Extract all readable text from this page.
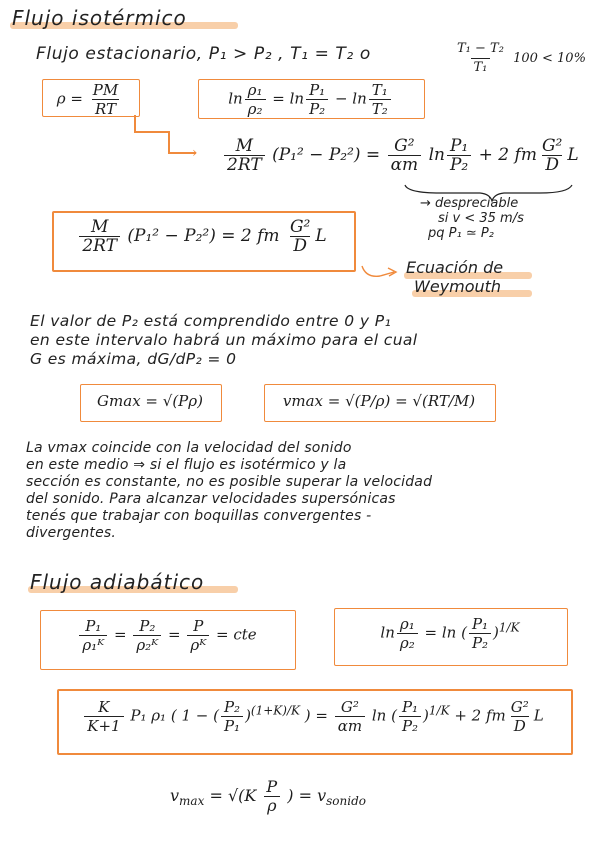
Flujo isotérmico
Flujo estacionario, P₁ > P₂ , T₁ = T₂ o	$\frac{\text{T₁ − T₂}}{\text{T₁}} 100 < 10\%$
$\rho = \frac{PM}{RT}$	$\ln \frac{\text{ρ₁}}{\text{ρ₂}} = \ln \frac{\text{P₁}}{\text{P₂}} - \ln \frac{\text{T₁}}{\text{T₂}}$
› $\frac{M}{2RT} (P_1^2 - P_2^2) = \frac{\text{G²}}{\alpha m}$ $\ln \frac{\text{P₁}}{\text{P₂}} + 2$ fm $\frac{\text{G²}}{D}$ L
→ despreciable
si v < 35 m/s
pq P₁ ≃ P₂
$\frac{M}{2RT} (P_1^2 - P_2^2) = 2$ fm $\frac{\text{G²}}{D}$ L
Ecuación de
Weymouth
El valor de P₂ está comprendido entre 0 y P₁
en este intervalo habrá un máximo para el cual
G es máxima, dG/dP₂ = 0
Gmax = √(Pρ)	vmax = √(P/ρ) = √(RT/M)
La vmax coincide con la velocidad del sonido
en este medio ⇒ si el flujo es isotérmico y la
sección es constante, no es posible superar la velocidad
del sonido. Para alcanzar velocidades supersónicas
tenés que trabajar con boquillas convergentes -
divergentes.
Flujo adiabático
$\frac{\text{P₁}}{\text{ρ₁ᴷ}} = \frac{\text{P₂}}{\text{ρ₂ᴷ}} = \frac{P}{\text{ρᴷ}}$ = cte	$\ln \frac{\text{ρ₁}}{\text{ρ₂}} = \ln$ ( $\frac{\text{P₁}}{\text{P₂}} )^{1/K}$
$\frac{K}{K+1} P_1$ ρ₁ ( 1 − ( $\frac{\text{P₂}}{\text{P₁}} )^{(1+K)/K}$ ) = $\frac{\text{G²}}{\alpha m}$ ln ( $\frac{\text{P₁}}{\text{P₂}} )^{1/K} + 2$ fm $\frac{\text{G²}}{D}$ L
$v_{max} = √(K \frac{P}{\rho}$ ) = $v_{sonido}$
